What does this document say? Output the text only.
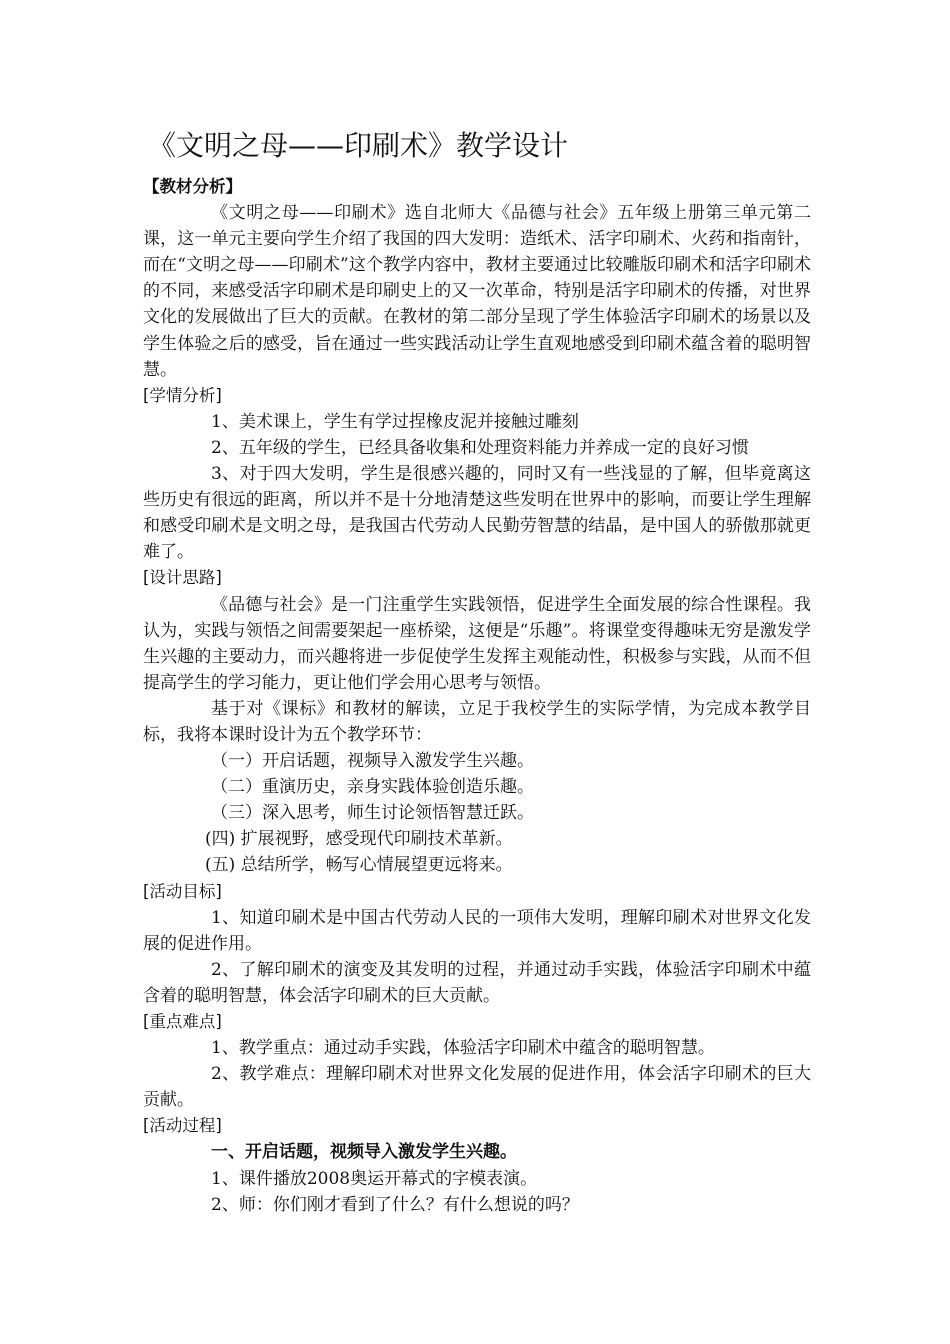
《文明之母——印刷术》教学设计

【教材分析】

《文明之母——印刷术》选自北师大《品德与社会》五年级上册第三单元第二课，这一单元主要向学生介绍了我国的四大发明：造纸术、活字印刷术、火药和指南针，而在“文明之母——印刷术”这个教学内容中，教材主要通过比较雕版印刷术和活字印刷术的不同，来感受活字印刷术是印刷史上的又一次革命，特别是活字印刷术的传播，对世界文化的发展做出了巨大的贡献。在教材的第二部分呈现了学生体验活字印刷术的场景以及学生体验之后的感受，旨在通过一些实践活动让学生直观地感受到印刷术蕴含着的聪明智慧。

[学情分析]

1、美术课上，学生有学过捏橡皮泥并接触过雕刻

2、五年级的学生，已经具备收集和处理资料能力并养成一定的良好习惯

3、对于四大发明，学生是很感兴趣的，同时又有一些浅显的了解，但毕竟离这些历史有很远的距离，所以并不是十分地清楚这些发明在世界中的影响，而要让学生理解和感受印刷术是文明之母，是我国古代劳动人民勤劳智慧的结晶，是中国人的骄傲那就更难了。

[设计思路]

《品德与社会》是一门注重学生实践领悟，促进学生全面发展的综合性课程。我认为，实践与领悟之间需要架起一座桥梁，这便是“乐趣”。将课堂变得趣味无穷是激发学生兴趣的主要动力，而兴趣将进一步促使学生发挥主观能动性，积极参与实践，从而不但提高学生的学习能力，更让他们学会用心思考与领悟。

基于对《课标》和教材的解读，立足于我校学生的实际学情，为完成本教学目标，我将本课时设计为五个教学环节：

（一）开启话题，视频导入激发学生兴趣。

（二）重演历史，亲身实践体验创造乐趣。

（三）深入思考，师生讨论领悟智慧迁跃。

(四) 扩展视野，感受现代印刷技术革新。

(五) 总结所学，畅写心情展望更远将来。

[活动目标]

1、知道印刷术是中国古代劳动人民的一项伟大发明，理解印刷术对世界文化发展的促进作用。

2、了解印刷术的演变及其发明的过程，并通过动手实践，体验活字印刷术中蕴含着的聪明智慧，体会活字印刷术的巨大贡献。

[重点难点]

1、教学重点：通过动手实践，体验活字印刷术中蕴含的聪明智慧。

2、教学难点：理解印刷术对世界文化发展的促进作用，体会活字印刷术的巨大贡献。

[活动过程]

一、开启话题，视频导入激发学生兴趣。

1、课件播放2008奥运开幕式的字模表演。

2、师：你们刚才看到了什么？有什么想说的吗？
